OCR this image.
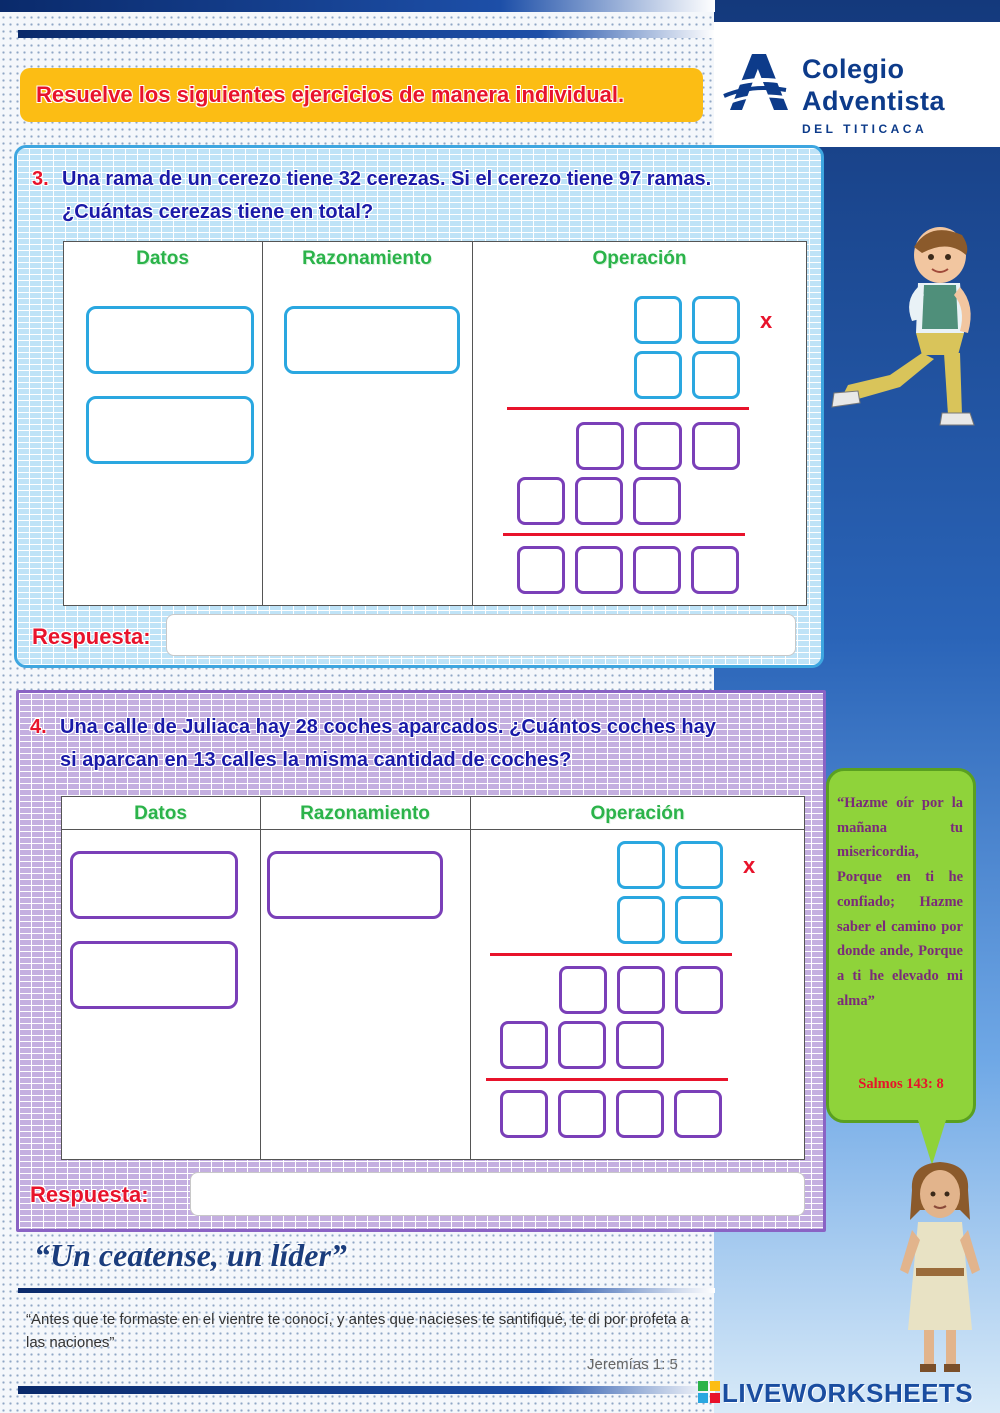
Colegio
Adventista
DEL TITICACA
Resuelve los siguientes ejercicios de manera individual.
3. Una rama de un cerezo tiene 32 cerezas. Si el cerezo tiene 97 ramas.
¿Cuántas cerezas tiene en total?
Datos	Razonamiento	Operación
x
Respuesta:
4. Una calle de Juliaca hay 28 coches aparcados. ¿Cuántos coches hay
si aparcan en 13 calles la misma cantidad de coches?
Datos	Razonamiento	Operación
x
Respuesta:
“Hazme oír por la mañana tu misericordia, Porque en ti he confiado; Hazme saber el camino por donde ande, Porque a ti he elevado mi alma”
Salmos 143: 8
“Un ceatense, un líder”
“Antes que te formaste en el vientre te conocí, y antes que nacieses te santifiqué, te di por profeta a las naciones”
Jeremías 1: 5
LIVEWORKSHEETS
